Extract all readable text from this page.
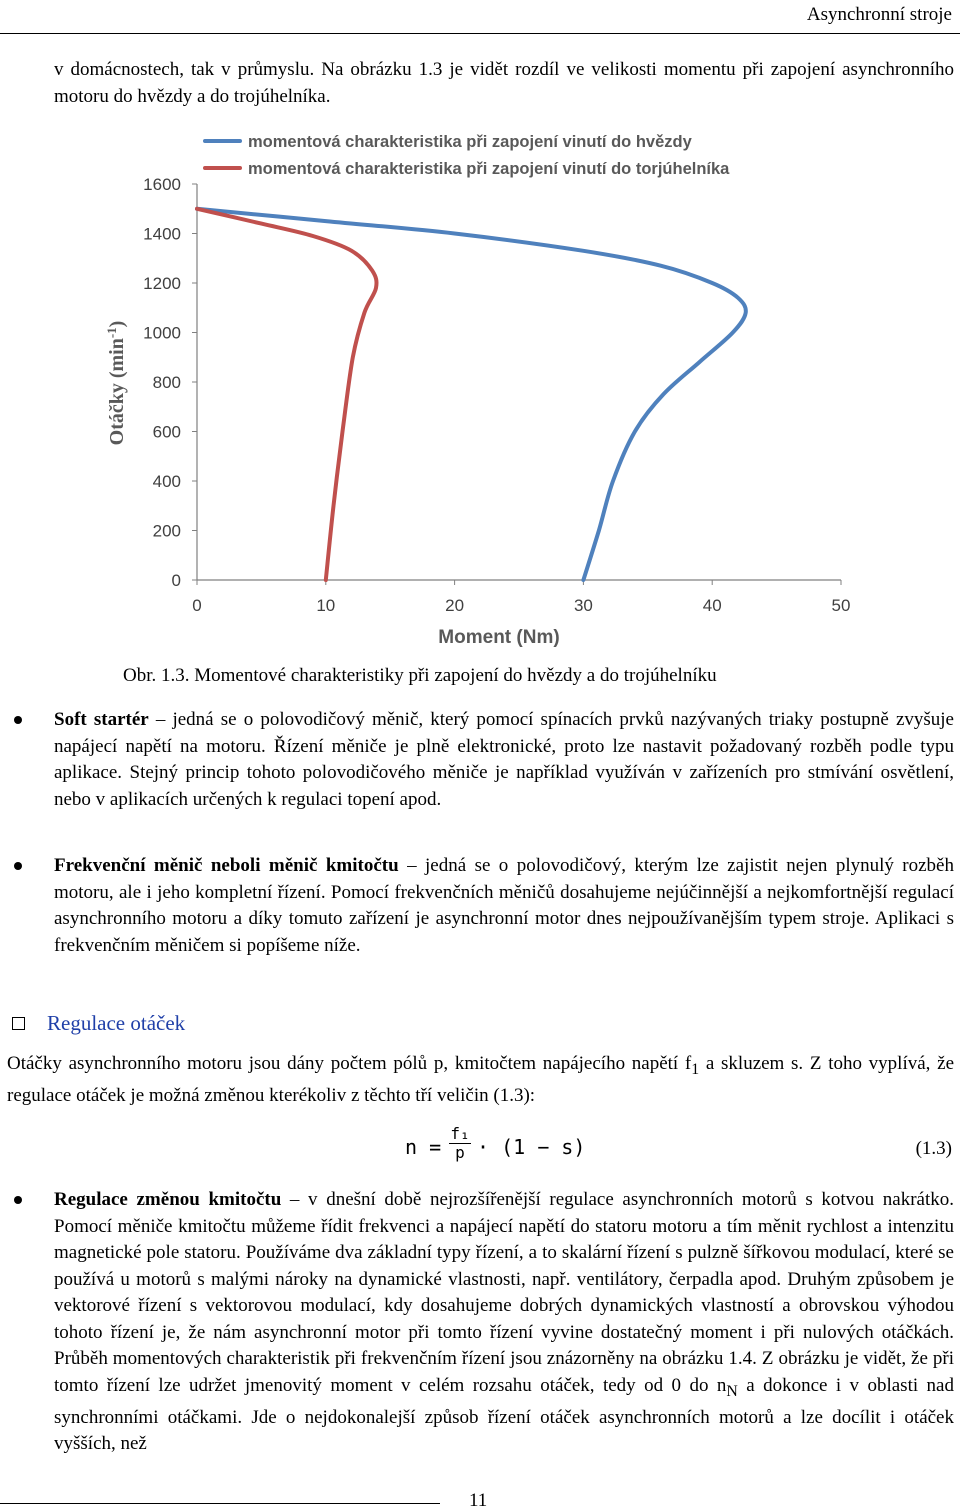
Asynchronní stroje

v domácnostech, tak v průmyslu. Na obrázku 1.3 je vidět rozdíl ve velikosti momentu při zapojení asynchronního motoru do hvězdy a do trojúhelníka.

momentová charakteristika při zapojení vinutí do hvězdy
momentová charakteristika při zapojení vinutí do torjúhelníka
Otáčky $(\min^{-1})$
0
200
400
600
800
1000
1200
1400
1600
0	10	20	30	40	50
Moment (Nm)
Obr. 1.3. Momentové charakteristiky při zapojení do hvězdy a do trojúhelníku

Soft startér – jedná se o polovodičový měnič, který pomocí spínacích prvků nazývaných triaky postupně zvyšuje napájecí napětí na motoru. Řízení měniče je plně elektronické, proto lze nastavit požadovaný rozběh podle typu aplikace. Stejný princip tohoto polovodičového měniče je například využíván v zařízeních pro stmívání osvětlení, nebo v aplikacích určených k regulaci topení apod.

Frekvenční měnič neboli měnič kmitočtu – jedná se o polovodičový, kterým lze zajistit nejen plynulý rozběh motoru, ale i jeho kompletní řízení. Pomocí frekvenčních měničů dosahujeme nejúčinnější a nejkomfortnější regulací asynchronního motoru a díky tomuto zařízení je asynchronní motor dnes nejpoužívanějším typem stroje. Aplikaci s frekvenčním měničem si popíšeme níže.

Regulace otáček

Otáčky asynchronního motoru jsou dány počtem pólů p, kmitočtem napájecího napětí $f_1$ a skluzem s. Z toho vyplívá, že regulace otáček je možná změnou kterékoliv z těchto tří veličin (1.3):

$n = \frac{\text{f₁}}{p} \cdot (1 - s)$	(1.3)

Regulace změnou kmitočtu – v dnešní době nejrozšířenější regulace asynchronních motorů s kotvou nakrátko. Pomocí měniče kmitočtu můžeme řídit frekvenci a napájecí napětí do statoru motoru a tím měnit rychlost a intenzitu magnetické pole statoru. Používáme dva základní typy řízení, a to skalární řízení s pulzně šířkovou modulací, které se používá u motorů s malými nároky na dynamické vlastnosti, např. ventilátory, čerpadla apod. Druhým způsobem je vektorové řízení s vektorovou modulací, kdy dosahujeme dobrých dynamických vlastností a obrovskou výhodou tohoto řízení je, že nám asynchronní motor při tomto řízení vyvine dostatečný moment i při nulových otáčkách. Průběh momentových charakteristik při frekvenčním řízení jsou znázorněny na obrázku 1.4. Z obrázku je vidět, že při tomto řízení lze udržet jmenovitý moment v celém rozsahu otáček, tedy od 0 do $n_N$ a dokonce i v oblasti nad synchronními otáčkami. Jde o nejdokonalejší způsob řízení otáček asynchronních motorů a lze docílit i otáček vyšších, než

11
